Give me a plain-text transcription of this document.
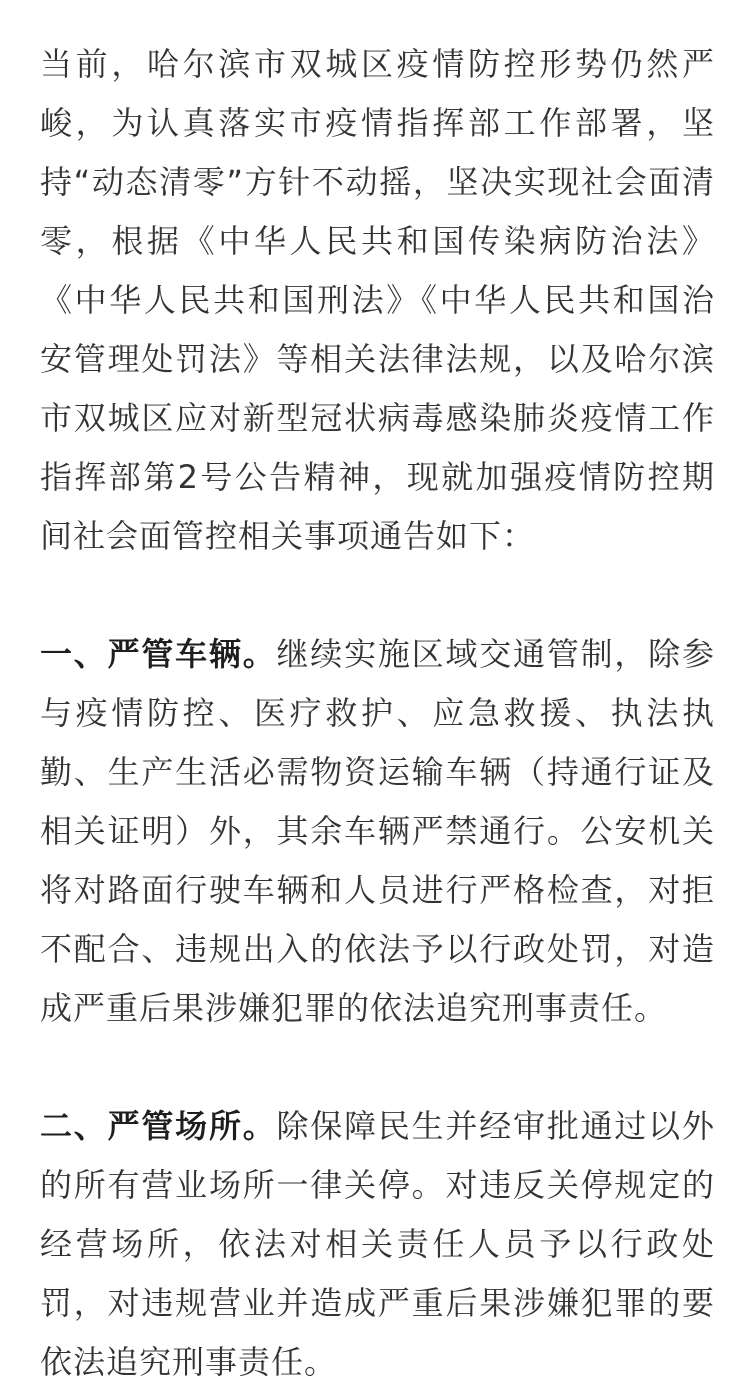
当前，哈尔滨市双城区疫情防控形势仍然严峻，为认真落实市疫情指挥部工作部署，坚持“动态清零”方针不动摇，坚决实现社会面清零，根据《中华人民共和国传染病防治法》《中华人民共和国刑法》《中华人民共和国治安管理处罚法》等相关法律法规，以及哈尔滨市双城区应对新型冠状病毒感染肺炎疫情工作指挥部第2号公告精神，现就加强疫情防控期间社会面管控相关事项通告如下：

一、严管车辆。继续实施区域交通管制，除参与疫情防控、医疗救护、应急救援、执法执勤、生产生活必需物资运输车辆（持通行证及相关证明）外，其余车辆严禁通行。公安机关将对路面行驶车辆和人员进行严格检查，对拒不配合、违规出入的依法予以行政处罚，对造成严重后果涉嫌犯罪的依法追究刑事责任。

二、严管场所。除保障民生并经审批通过以外的所有营业场所一律关停。对违反关停规定的经营场所，依法对相关责任人员予以行政处罚，对违规营业并造成严重后果涉嫌犯罪的要依法追究刑事责任。
